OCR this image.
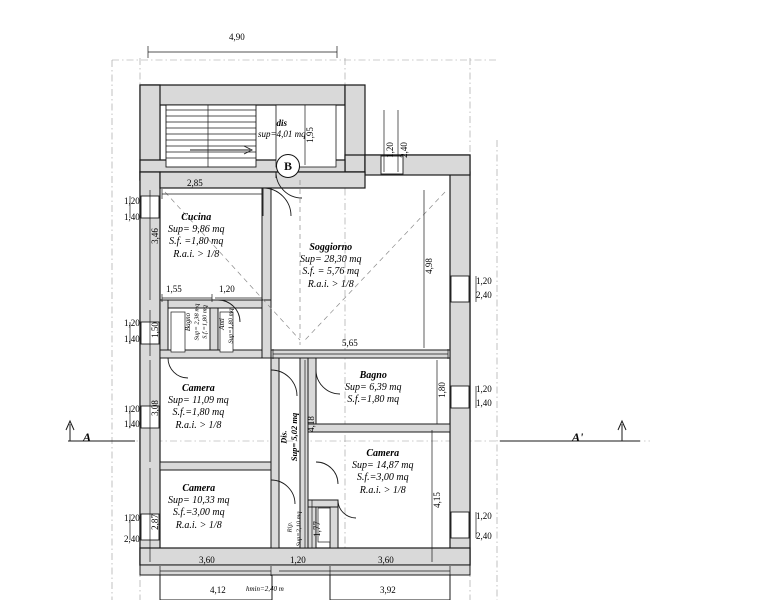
B
A	A'
dis
sup=4,01 mq
Cucina
Sup= 9,86 mq
S.f. =1,80 mq
R.a.i. > 1/8
Soggiorno
Sup= 28,30 mq
S.f. = 5,76 mq
R.a.i. > 1/8
Camera
Sup= 11,09 mq
S.f.=1,80 mq
R.a.i. > 1/8
Bagno
Sup= 6,39 mq
S.f.=1,80 mq
Camera
Sup= 14,87 mq
S.f.=3,00 mq
R.a.i. > 1/8
Camera
Sup= 10,33 mq
S.f.=3,00 mq
R.a.i. > 1/8
Bagno Sup= 2,38 mq S.f.=1,80 mq Anti Sup=1,80 mq
Dis. Sup= 5,02 mq
Rip. Sup=2,10 mq
hmin=2,40 m
4,90
2,85
1,55	1,20
5,65
3,60	1,20	3,60
4,12	3,92
1,95
1,20 2,40
1,20
1,40
3,46
4,98
1,20
2,40
1,20
1,40
1,50
1,80	1,20
1,40
1,20
1,40
3,08
4,18
4,15
2,87
1,20
2,40
1,20
2,40
1,77
